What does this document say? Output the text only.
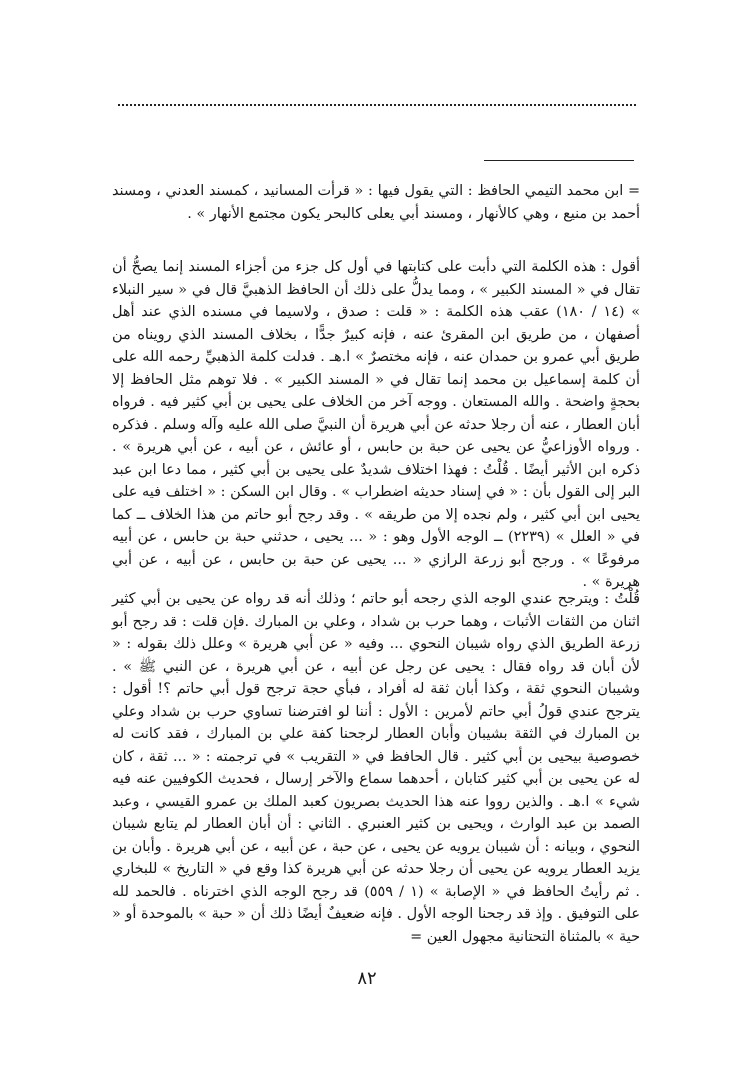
= ابن محمد التيمي الحافظ : التي يقول فيها : « قرأت المسانيد ، كمسند العدني ، ومسند أحمد بن منيع ، وهي كالأنهار ، ومسند أبي يعلى كالبحر يكون مجتمع الأنهار » .

أقول : هذه الكلمة التي دأبت على كتابتها في أول كل جزء من أجزاء المسند إنما يصحُّ أن تقال في « المسند الكبير » ، ومما يدلُّ على ذلك أن الحافظ الذهبيَّ قال في « سير النبلاء » (١٤ / ١٨٠) عقب هذه الكلمة : « قلت : صدق ، ولاسيما في مسنده الذي عند أهل أصفهان ، من طريق ابن المقرئ عنه ، فإنه كبيرٌ جدًّا ، بخلاف المسند الذي رويناه من طريق أبي عمرو بن حمدان عنه ، فإنه مختصرٌ » ا.هـ . فدلت كلمة الذهبيِّ رحمه الله على أن كلمة إسماعيل بن محمد إنما تقال في « المسند الكبير » . فلا توهم مثل الحافظ إلا بحجةٍ واضحة . والله المستعان . ووجه آخر من الخلاف على يحيى بن أبي كثير فيه . فرواه أبان العطار ، عنه أن رجلا حدثه عن أبي هريرة أن النبيَّ صلى الله عليه وآله وسلم . فذكره . ورواه الأوزاعيُّ عن يحيى عن حبة بن حابس ، أو عائش ، عن أبيه ، عن أبي هريرة » . ذكره ابن الأثير أيضًا . قُلْتُ : فهذا اختلاف شديدٌ على يحيى بن أبي كثير ، مما دعا ابن عبد البر إلى القول بأن : « في إسناد حديثه اضطراب » . وقال ابن السكن : « اختلف فيه على يحيى ابن أبي كثير ، ولم نجده إلا من طريقه » . وقد رجح أبو حاتم من هذا الخلاف ــ كما في « العلل » (٢٢٣٩) ــ الوجه الأول وهو : « ... يحيى ، حدثني حبة بن حابس ، عن أبيه مرفوعًا » . ورجح أبو زرعة الرازي « ... يحيى عن حبة بن حابس ، عن أبيه ، عن أبي هريرة » .

قُلْتُ : ويترجح عندي الوجه الذي رجحه أبو حاتم ؛ وذلك أنه قد رواه عن يحيى بن أبي كثير اثنان من الثقات الأثبات ، وهما حرب بن شداد ، وعلي بن المبارك .فإن قلت : قد رجح أبو زرعة الطريق الذي رواه شيبان النحوي ... وفيه « عن أبي هريرة » وعلل ذلك بقوله : « لأن أبان قد رواه فقال : يحيى عن رجل عن أبيه ، عن أبي هريرة ، عن النبي ﷺ » . وشيبان النحوي ثقة ، وكذا أبان ثقة له أفراد ، فبأي حجة ترجح قول أبي حاتم ؟! أقول : يترجح عندي قولُ أبي حاتم لأمرين : الأول : أننا لو افترضنا تساوي حرب بن شداد وعلي بن المبارك في الثقة بشيبان وأبان العطار لرجحنا كفة علي بن المبارك ، فقد كانت له خصوصية بيحيى بن أبي كثير . قال الحافظ في « التقريب » في ترجمته : « ... ثقة ، كان له عن يحيى بن أبي كثير كتابان ، أحدهما سماع والآخر إرسال ، فحديث الكوفيين عنه فيه شيء » ا.هـ . والذين رووا عنه هذا الحديث بصريون كعبد الملك بن عمرو القيسي ، وعبد الصمد بن عبد الوارث ، ويحيى بن كثير العنبري . الثاني : أن أبان العطار لم يتابع شيبان النحوي ، وبيانه : أن شيبان يرويه عن يحيى ، عن حبة ، عن أبيه ، عن أبي هريرة . وأبان بن يزيد العطار يرويه عن يحيى أن رجلا حدثه عن أبي هريرة كذا وقع في « التاريخ » للبخاري . ثم رأيتُ الحافظ في « الإصابة » (١ / ٥٥٩) قد رجح الوجه الذي اخترناه . فالحمد لله على التوفيق . وإذ قد رجحنا الوجه الأول . فإنه ضعيفٌ أيضًا ذلك أن « حبة » بالموحدة أو « حية » بالمثناة التحتانية مجهول العين =

٨٢
